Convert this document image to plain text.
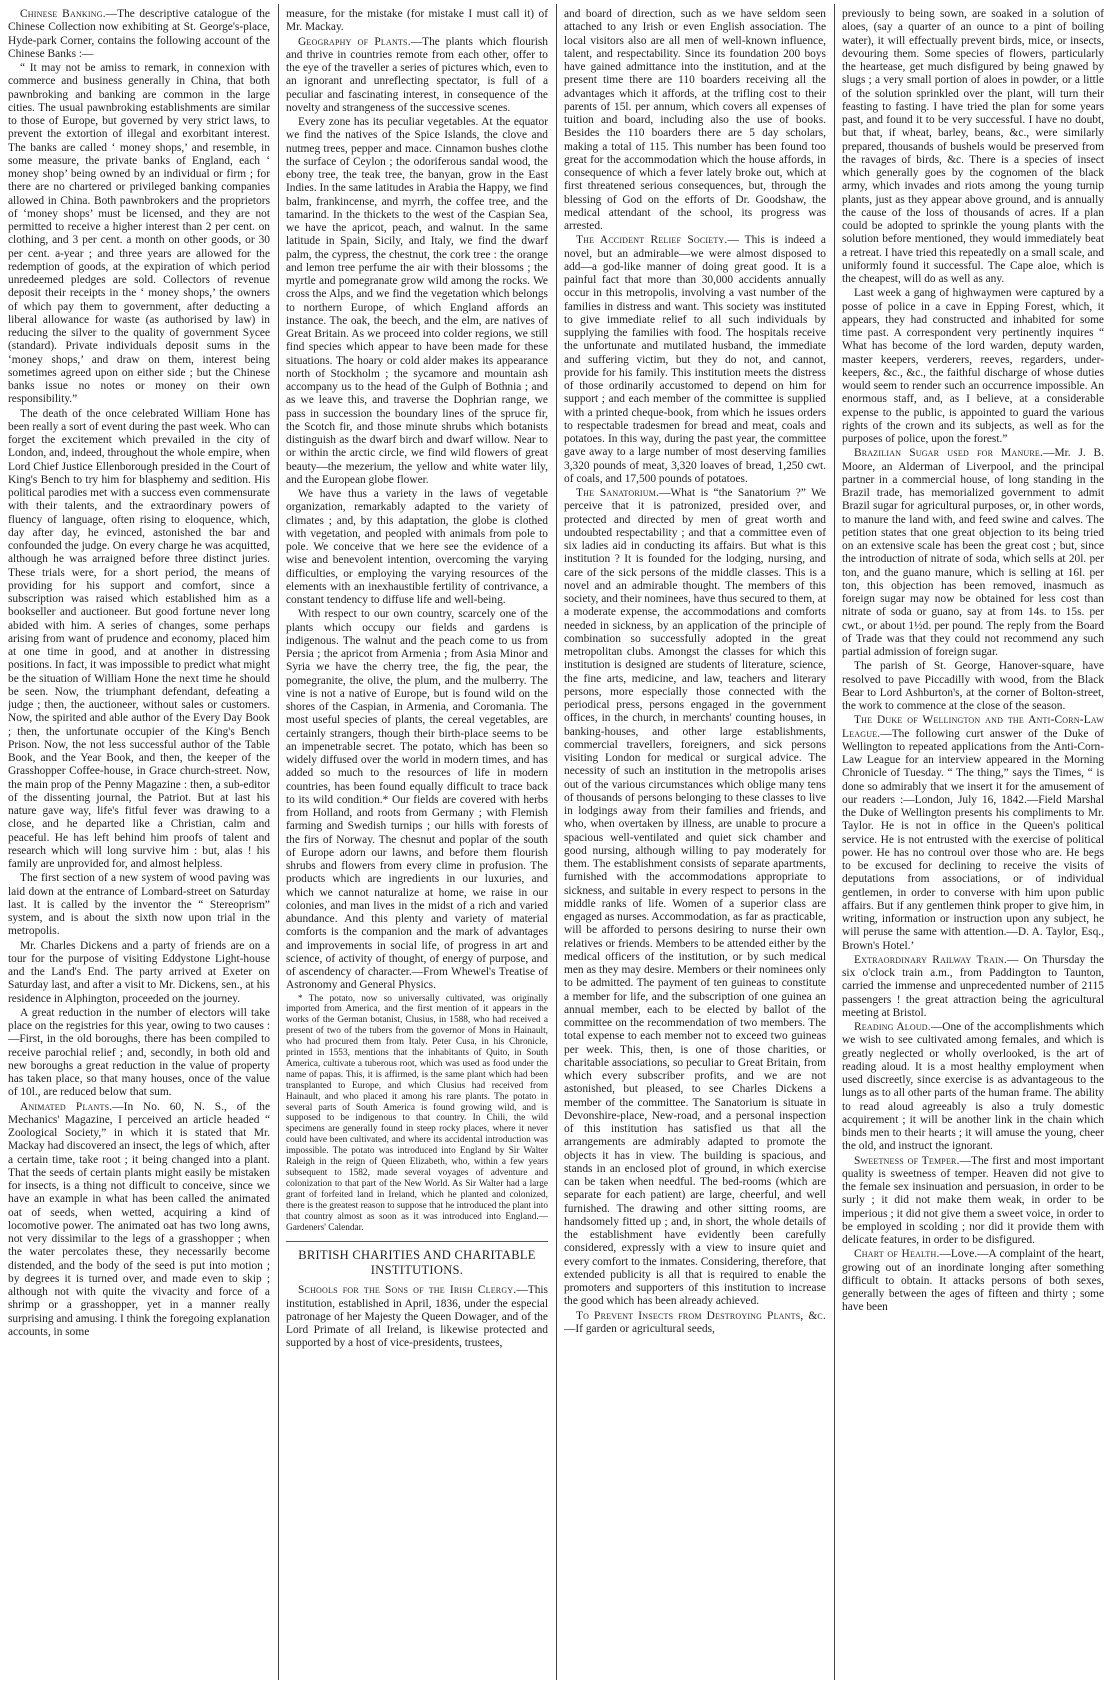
Chinese Banking.—The descriptive catalogue of the Chinese Collection now exhibiting at St. George's-place, Hyde-park Corner, contains the following account of the Chinese Banks :—

“ It may not be amiss to remark, in connexion with commerce and business generally in China, that both pawnbroking and banking are common in the large cities. The usual pawnbroking establishments are similar to those of Europe, but governed by very strict laws, to prevent the extortion of illegal and exorbitant interest. The banks are called ‘ money shops,’ and resemble, in some measure, the private banks of England, each ‘ money shop’ being owned by an individual or firm ; for there are no chartered or privileged banking companies allowed in China. Both pawnbrokers and the proprietors of ‘money shops’ must be licensed, and they are not permitted to receive a higher interest than 2 per cent. on clothing, and 3 per cent. a month on other goods, or 30 per cent. a-year ; and three years are allowed for the redemption of goods, at the expiration of which period unredeemed pledges are sold. Collectors of revenue deposit their receipts in the ‘ money shops,’ the owners of which pay them to government, after deducting a liberal allowance for waste (as authorised by law) in reducing the silver to the quality of government Sycee (standard). Private individuals deposit sums in the ‘money shops,’ and draw on them, interest being sometimes agreed upon on either side ; but the Chinese banks issue no notes or money on their own responsibility.”

The death of the once celebrated William Hone has been really a sort of event during the past week. Who can forget the excitement which prevailed in the city of London, and, indeed, throughout the whole empire, when Lord Chief Justice Ellenborough presided in the Court of King's Bench to try him for blasphemy and sedition. His political parodies met with a success even commensurate with their talents, and the extraordinary powers of fluency of language, often rising to eloquence, which, day after day, he evinced, astonished the bar and confounded the judge. On every charge he was acquitted, although he was arraigned before three distinct juries. These trials were, for a short period, the means of providing for his support and comfort, since a subscription was raised which established him as a bookseller and auctioneer. But good fortune never long abided with him. A series of changes, some perhaps arising from want of prudence and economy, placed him at one time in good, and at another in distressing positions. In fact, it was impossible to predict what might be the situation of William Hone the next time he should be seen. Now, the triumphant defendant, defeating a judge ; then, the auctioneer, without sales or customers. Now, the spirited and able author of the Every Day Book ; then, the unfortunate occupier of the King's Bench Prison. Now, the not less successful author of the Table Book, and the Year Book, and then, the keeper of the Grasshopper Coffee-house, in Grace church-street. Now, the main prop of the Penny Magazine : then, a sub-editor of the dissenting journal, the Patriot. But at last his nature gave way, life's fitful fever was drawing to a close, and he departed like a Christian, calm and peaceful. He has left behind him proofs of talent and research which will long survive him : but, alas ! his family are unprovided for, and almost helpless.

The first section of a new system of wood paving was laid down at the entrance of Lombard-street on Saturday last. It is called by the inventor the “ Stereoprism” system, and is about the sixth now upon trial in the metropolis.

Mr. Charles Dickens and a party of friends are on a tour for the purpose of visiting Eddystone Light-house and the Land's End. The party arrived at Exeter on Saturday last, and after a visit to Mr. Dickens, sen., at his residence in Alphington, proceeded on the journey.

A great reduction in the number of electors will take place on the registries for this year, owing to two causes :—First, in the old boroughs, there has been compiled to receive parochial relief ; and, secondly, in both old and new boroughs a great reduction in the value of property has taken place, so that many houses, once of the value of 10l., are reduced below that sum.

Animated Plants.—In No. 60, N. S., of the Mechanics' Magazine, I perceived an article headed “ Zoological Society,” in which it is stated that Mr. Mackay had discovered an insect, the legs of which, after a certain time, take root ; it being changed into a plant. That the seeds of certain plants might easily be mistaken for insects, is a thing not difficult to conceive, since we have an example in what has been called the animated oat of seeds, when wetted, acquiring a kind of locomotive power. The animated oat has two long awns, not very dissimilar to the legs of a grasshopper ; when the water percolates these, they necessarily become distended, and the body of the seed is put into motion ; by degrees it is turned over, and made even to skip ; although not with quite the vivacity and force of a shrimp or a grasshopper, yet in a manner really surprising and amusing. I think the foregoing explanation accounts, in some

measure, for the mistake (for mistake I must call it) of Mr. Mackay.

Geography of Plants.—The plants which flourish and thrive in countries remote from each other, offer to the eye of the traveller a series of pictures which, even to an ignorant and unreflecting spectator, is full of a peculiar and fascinating interest, in consequence of the novelty and strangeness of the successive scenes.

Every zone has its peculiar vegetables. At the equator we find the natives of the Spice Islands, the clove and nutmeg trees, pepper and mace. Cinnamon bushes clothe the surface of Ceylon ; the odoriferous sandal wood, the ebony tree, the teak tree, the banyan, grow in the East Indies. In the same latitudes in Arabia the Happy, we find balm, frankincense, and myrrh, the coffee tree, and the tamarind. In the thickets to the west of the Caspian Sea, we have the apricot, peach, and walnut. In the same latitude in Spain, Sicily, and Italy, we find the dwarf palm, the cypress, the chestnut, the cork tree : the orange and lemon tree perfume the air with their blossoms ; the myrtle and pomegranate grow wild among the rocks. We cross the Alps, and we find the vegetation which belongs to northern Europe, of which England affords an instance. The oak, the beech, and the elm, are natives of Great Britain. As we proceed into colder regions, we still find species which appear to have been made for these situations. The hoary or cold alder makes its appearance north of Stockholm ; the sycamore and mountain ash accompany us to the head of the Gulph of Bothnia ; and as we leave this, and traverse the Dophrian range, we pass in succession the boundary lines of the spruce fir, the Scotch fir, and those minute shrubs which botanists distinguish as the dwarf birch and dwarf willow. Near to or within the arctic circle, we find wild flowers of great beauty—the mezerium, the yellow and white water lily, and the European globe flower.

We have thus a variety in the laws of vegetable organization, remarkably adapted to the variety of climates ; and, by this adaptation, the globe is clothed with vegetation, and peopled with animals from pole to pole. We conceive that we here see the evidence of a wise and benevolent intention, overcoming the varying difficulties, or employing the varying resources of the elements with an inexhaustible fertility of contrivance, a constant tendency to diffuse life and well-being.

With respect to our own country, scarcely one of the plants which occupy our fields and gardens is indigenous. The walnut and the peach come to us from Persia ; the apricot from Armenia ; from Asia Minor and Syria we have the cherry tree, the fig, the pear, the pomegranite, the olive, the plum, and the mulberry. The vine is not a native of Europe, but is found wild on the shores of the Caspian, in Armenia, and Coromania. The most useful species of plants, the cereal vegetables, are certainly strangers, though their birth-place seems to be an impenetrable secret. The potato, which has been so widely diffused over the world in modern times, and has added so much to the resources of life in modern countries, has been found equally difficult to trace back to its wild condition.* Our fields are covered with herbs from Holland, and roots from Germany ; with Flemish farming and Swedish turnips ; our hills with forests of the firs of Norway. The chesnut and poplar of the south of Europe adorn our lawns, and before them flourish shrubs and flowers from every clime in profusion. The products which are ingredients in our luxuries, and which we cannot naturalize at home, we raise in our colonies, and man lives in the midst of a rich and varied abundance. And this plenty and variety of material comforts is the companion and the mark of advantages and improvements in social life, of progress in art and science, of activity of thought, of energy of purpose, and of ascendency of character.—From Whewel's Treatise of Astronomy and General Physics.

* The potato, now so universally cultivated, was originally imported from America, and the first mention of it appears in the works of the German botanist, Clusius, in 1588, who had received a present of two of the tubers from the governor of Mons in Hainault, who had procured them from Italy. Peter Cusa, in his Chronicle, printed in 1553, mentions that the inhabitants of Quito, in South America, cultivate a tuberous root, which was used as food under the name of papas. This, it is affirmed, is the same plant which had been transplanted to Europe, and which Clusius had received from Hainault, and who placed it among his rare plants. The potato in several parts of South America is found growing wild, and is supposed to be indigenous to that country. In Chili, the wild specimens are generally found in steep rocky places, where it never could have been cultivated, and where its accidental introduction was impossible. The potato was introduced into England by Sir Walter Raleigh in the reign of Queen Elizabeth, who, within a few years subsequent to 1582, made several voyages of adventure and colonization to that part of the New World. As Sir Walter had a large grant of forfeited land in Ireland, which he planted and colonized, there is the greatest reason to suppose that he introduced the plant into that country almost as soon as it was introduced into England.—Gardeners' Calendar.

BRITISH CHARITIES AND CHARITABLE INSTITUTIONS.

Schools for the Sons of the Irish Clergy.—This institution, established in April, 1836, under the especial patronage of her Majesty the Queen Dowager, and of the Lord Primate of all Ireland, is likewise protected and supported by a host of vice-presidents, trustees,

and board of direction, such as we have seldom seen attached to any Irish or even English association. The local visitors also are all men of well-known influence, talent, and respectability. Since its foundation 200 boys have gained admittance into the institution, and at the present time there are 110 boarders receiving all the advantages which it affords, at the trifling cost to their parents of 15l. per annum, which covers all expenses of tuition and board, including also the use of books. Besides the 110 boarders there are 5 day scholars, making a total of 115. This number has been found too great for the accommodation which the house affords, in consequence of which a fever lately broke out, which at first threatened serious consequences, but, through the blessing of God on the efforts of Dr. Goodshaw, the medical attendant of the school, its progress was arrested.

The Accident Relief Society.— This is indeed a novel, but an admirable—we were almost disposed to add—a god-like manner of doing great good. It is a painful fact that more than 30,000 accidents annually occur in this metropolis, involving a vast number of the families in distress and want. This society was instituted to give immediate relief to all such individuals by supplying the families with food. The hospitals receive the unfortunate and mutilated husband, the immediate and suffering victim, but they do not, and cannot, provide for his family. This institution meets the distress of those ordinarily accustomed to depend on him for support ; and each member of the committee is supplied with a printed cheque-book, from which he issues orders to respectable tradesmen for bread and meat, coals and potatoes. In this way, during the past year, the committee gave away to a large number of most deserving families 3,320 pounds of meat, 3,320 loaves of bread, 1,250 cwt. of coals, and 17,500 pounds of potatoes.

The Sanatorium.—What is “the Sanatorium ?” We perceive that it is patronized, presided over, and protected and directed by men of great worth and undoubted respectability ; and that a committee even of six ladies aid in conducting its affairs. But what is this institution ? It is founded for the lodging, nursing, and care of the sick persons of the middle classes. This is a novel and an admirable thought. The members of this society, and their nominees, have thus secured to them, at a moderate expense, the accommodations and comforts needed in sickness, by an application of the principle of combination so successfully adopted in the great metropolitan clubs. Amongst the classes for which this institution is designed are students of literature, science, the fine arts, medicine, and law, teachers and literary persons, more especially those connected with the periodical press, persons engaged in the government offices, in the church, in merchants' counting houses, in banking-houses, and other large establishments, commercial travellers, foreigners, and sick persons visiting London for medical or surgical advice. The necessity of such an institution in the metropolis arises out of the various circumstances which oblige many tens of thousands of persons belonging to these classes to live in lodgings away from their families and friends, and who, when overtaken by illness, are unable to procure a spacious well-ventilated and quiet sick chamber and good nursing, although willing to pay moderately for them. The establishment consists of separate apartments, furnished with the accommodations appropriate to sickness, and suitable in every respect to persons in the middle ranks of life. Women of a superior class are engaged as nurses. Accommodation, as far as practicable, will be afforded to persons desiring to nurse their own relatives or friends. Members to be attended either by the medical officers of the institution, or by such medical men as they may desire. Members or their nominees only to be admitted. The payment of ten guineas to constitute a member for life, and the subscription of one guinea an annual member, each to be elected by ballot of the committee on the recommendation of two members. The total expense to each member not to exceed two guineas per week. This, then, is one of those charities, or charitable associations, so peculiar to Great Britain, from which every subscriber profits, and we are not astonished, but pleased, to see Charles Dickens a member of the committee. The Sanatorium is situate in Devonshire-place, New-road, and a personal inspection of this institution has satisfied us that all the arrangements are admirably adapted to promote the objects it has in view. The building is spacious, and stands in an enclosed plot of ground, in which exercise can be taken when needful. The bed-rooms (which are separate for each patient) are large, cheerful, and well furnished. The drawing and other sitting rooms, are handsomely fitted up ; and, in short, the whole details of the establishment have evidently been carefully considered, expressly with a view to insure quiet and every comfort to the inmates. Considering, therefore, that extended publicity is all that is required to enable the promoters and supporters of this institution to increase the good which has been already achieved.

To Prevent Insects from Destroying Plants, &c.—If garden or agricultural seeds,

previously to being sown, are soaked in a solution of aloes, (say a quarter of an ounce to a pint of boiling water), it will effectually prevent birds, mice, or insects, devouring them. Some species of flowers, particularly the heartease, get much disfigured by being gnawed by slugs ; a very small portion of aloes in powder, or a little of the solution sprinkled over the plant, will turn their feasting to fasting. I have tried the plan for some years past, and found it to be very successful. I have no doubt, but that, if wheat, barley, beans, &c., were similarly prepared, thousands of bushels would be preserved from the ravages of birds, &c. There is a species of insect which generally goes by the cognomen of the black army, which invades and riots among the young turnip plants, just as they appear above ground, and is annually the cause of the loss of thousands of acres. If a plan could be adopted to sprinkle the young plants with the solution before mentioned, they would immediately beat a retreat. I have tried this repeatedly on a small scale, and uniformly found it successful. The Cape aloe, which is the cheapest, will do as well as any.

Last week a gang of highwaymen were captured by a posse of police in a cave in Epping Forest, which, it appears, they had constructed and inhabited for some time past. A correspondent very pertinently inquires “ What has become of the lord warden, deputy warden, master keepers, verderers, reeves, regarders, under-keepers, &c., &c., the faithful discharge of whose duties would seem to render such an occurrence impossible. An enormous staff, and, as I believe, at a considerable expense to the public, is appointed to guard the various rights of the crown and its subjects, as well as for the purposes of police, upon the forest.”

Brazilian Sugar used for Manure.—Mr. J. B. Moore, an Alderman of Liverpool, and the principal partner in a commercial house, of long standing in the Brazil trade, has memorialized government to admit Brazil sugar for agricultural purposes, or, in other words, to manure the land with, and feed swine and calves. The petition states that one great objection to its being tried on an extensive scale has been the great cost ; but, since the introduction of nitrate of soda, which sells at 20l. per ton, and the guano manure, which is selling at 16l. per ton, this objection has been removed, inasmuch as foreign sugar may now be obtained for less cost than nitrate of soda or guano, say at from 14s. to 15s. per cwt., or about 1½d. per pound. The reply from the Board of Trade was that they could not recommend any such partial admission of foreign sugar.

The parish of St. George, Hanover-square, have resolved to pave Piccadilly with wood, from the Black Bear to Lord Ashburton's, at the corner of Bolton-street, the work to commence at the close of the season.

The Duke of Wellington and the Anti-Corn-Law League.—The following curt answer of the Duke of Wellington to repeated applications from the Anti-Corn-Law League for an interview appeared in the Morning Chronicle of Tuesday. “ The thing,” says the Times, “ is done so admirably that we insert it for the amusement of our readers :—London, July 16, 1842.—Field Marshal the Duke of Wellington presents his compliments to Mr. Taylor. He is not in office in the Queen's political service. He is not entrusted with the exercise of political power. He has no controul over those who are. He begs to be excused for declining to receive the visits of deputations from associations, or of individual gentlemen, in order to converse with him upon public affairs. But if any gentlemen think proper to give him, in writing, information or instruction upon any subject, he will peruse the same with attention.—D. A. Taylor, Esq., Brown's Hotel.’

Extraordinary Railway Train.— On Thursday the six o'clock train a.m., from Paddington to Taunton, carried the immense and unprecedented number of 2115 passengers ! the great attraction being the agricultural meeting at Bristol.

Reading Aloud.—One of the accomplishments which we wish to see cultivated among females, and which is greatly neglected or wholly overlooked, is the art of reading aloud. It is a most healthy employment when used discreetly, since exercise is as advantageous to the lungs as to all other parts of the human frame. The ability to read aloud agreeably is also a truly domestic acquirement ; it will be another link in the chain which binds men to their hearts ; it will amuse the young, cheer the old, and instruct the ignorant.

Sweetness of Temper.—The first and most important quality is sweetness of temper. Heaven did not give to the female sex insinuation and persuasion, in order to be surly ; it did not make them weak, in order to be imperious ; it did not give them a sweet voice, in order to be employed in scolding ; nor did it provide them with delicate features, in order to be disfigured.

Chart of Health.—Love.—A complaint of the heart, growing out of an inordinate longing after something difficult to obtain. It attacks persons of both sexes, generally between the ages of fifteen and thirty ; some have been
